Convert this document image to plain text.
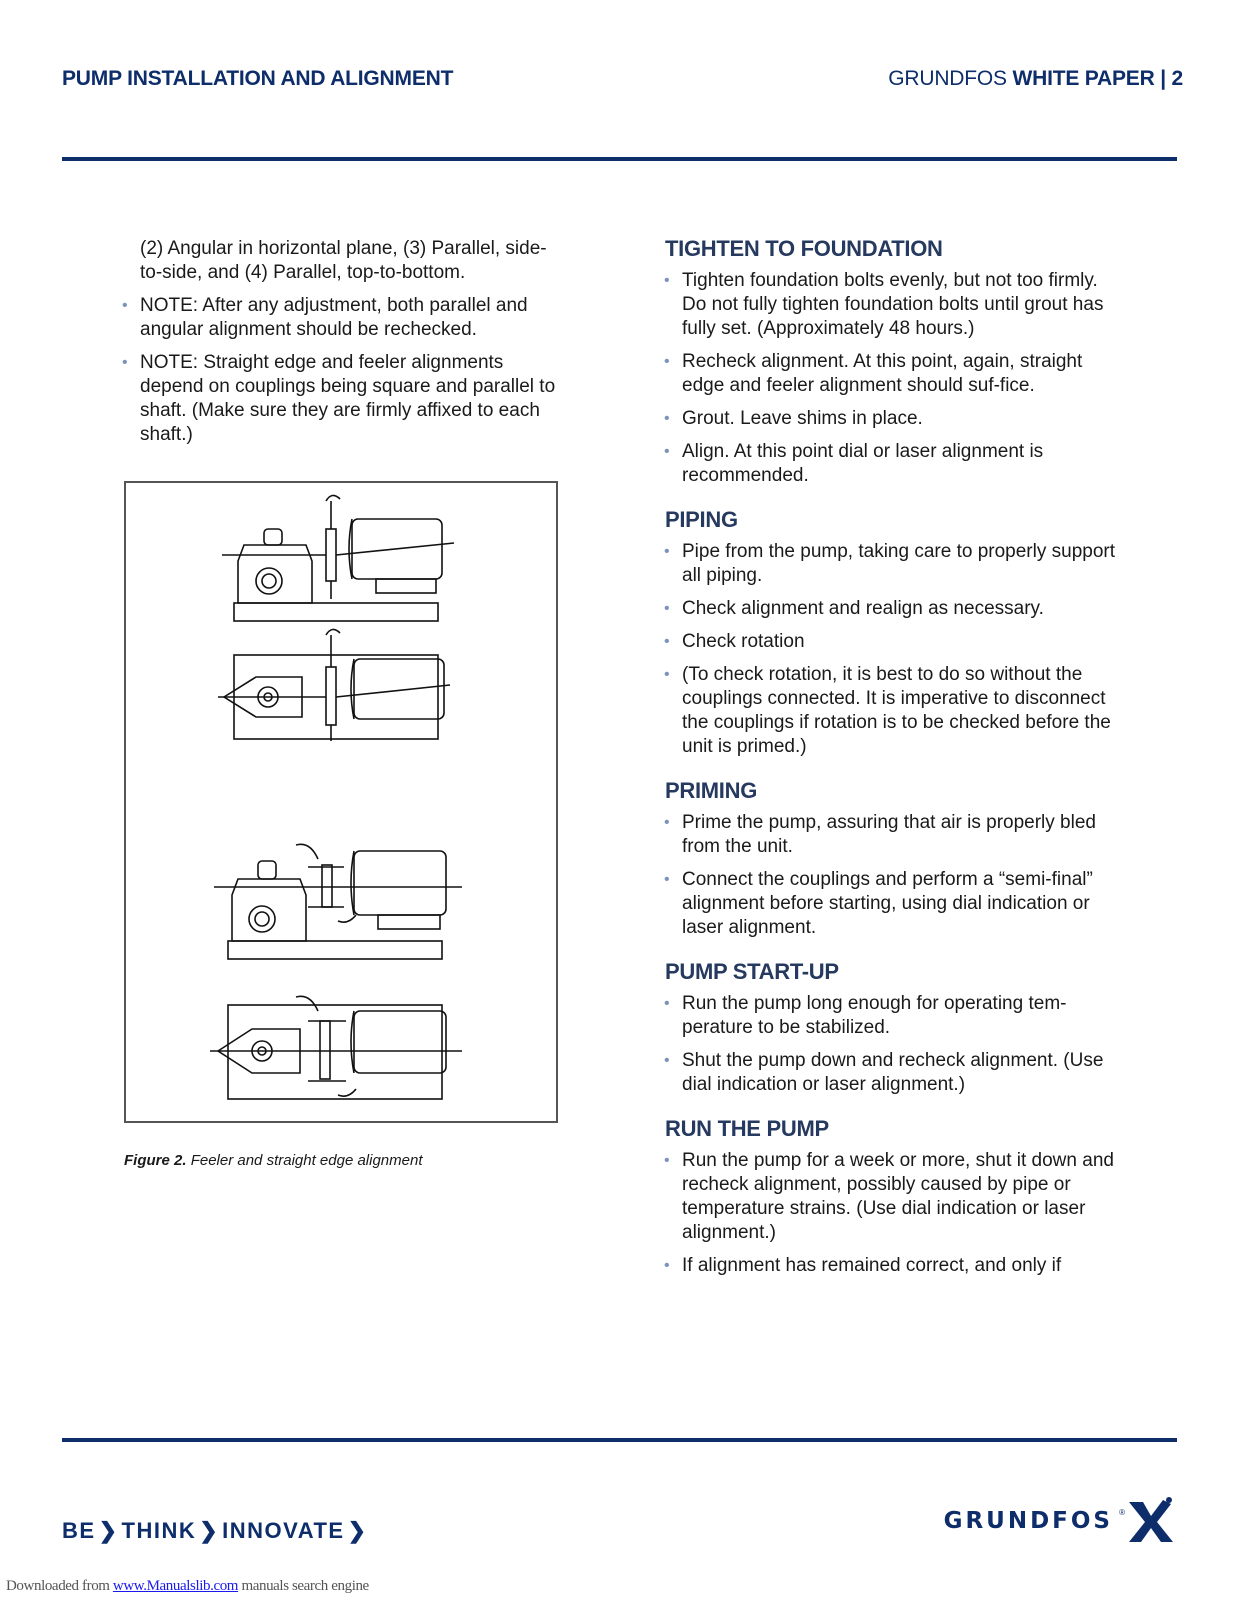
PUMP INSTALLATION AND ALIGNMENT	GRUNDFOS WHITE PAPER | 2

(2) Angular in horizontal plane, (3) Parallel, side-to-side, and (4) Parallel, top-to-bottom.

• NOTE: After any adjustment, both parallel and angular alignment should be rechecked.
• NOTE: Straight edge and feeler alignments depend on couplings being square and parallel to shaft. (Make sure they are firmly affixed to each shaft.)
Figure 2. Feeler and straight edge alignment
TIGHTEN TO FOUNDATION
• Tighten foundation bolts evenly, but not too firmly. Do not fully tighten foundation bolts until grout has fully set. (Approximately 48 hours.)
• Recheck alignment. At this point, again, straight edge and feeler alignment should suf-fice.
• Grout. Leave shims in place.
• Align. At this point dial or laser alignment is recommended.
PIPING
• Pipe from the pump, taking care to properly support all piping.
• Check alignment and realign as necessary.
• Check rotation
• (To check rotation, it is best to do so without the couplings connected. It is imperative to disconnect the couplings if rotation is to be checked before the unit is primed.)
PRIMING
• Prime the pump, assuring that air is properly bled from the unit.
• Connect the couplings and perform a “semi-final” alignment before starting, using dial indication or laser alignment.
PUMP START-UP
• Run the pump long enough for operating tem-perature to be stabilized.
• Shut the pump down and recheck alignment. (Use dial indication or laser alignment.)
RUN THE PUMP
• Run the pump for a week or more, shut it down and recheck alignment, possibly caused by pipe or temperature strains. (Use dial indication or laser alignment.)
• If alignment has remained correct, and only if
BE ❯ THINK ❯ INNOVATE ❯	GRUNDFOS ®
Downloaded from www.Manualslib.com manuals search engine
